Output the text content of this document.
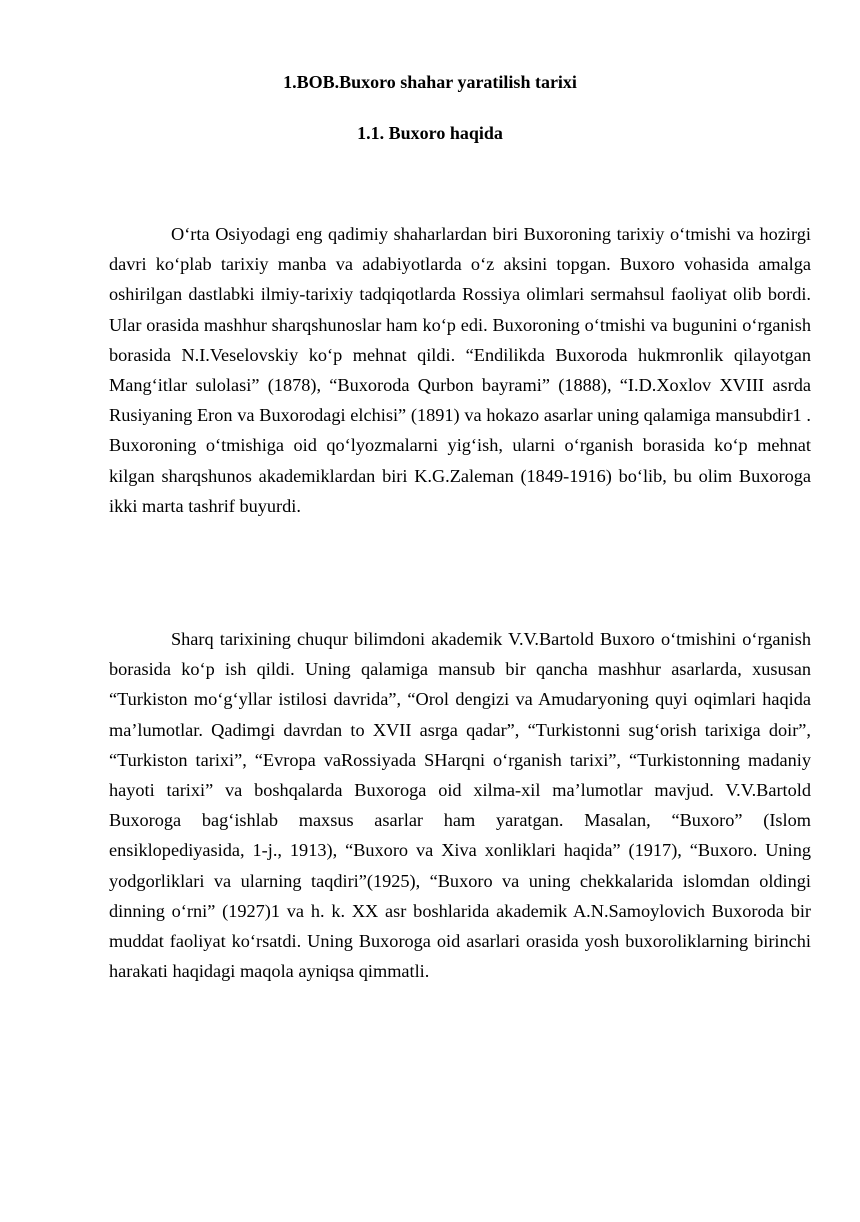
1.BOB.Buxoro shahar yaratilish tarixi
1.1. Buxoro haqida

O‘rta Osiyodagi eng qadimiy shaharlardan biri Buxoroning tarixiy o‘tmishi va hozirgi davri ko‘plab tarixiy manba va adabiyotlarda o‘z aksini topgan. Buxoro vohasida amalga oshirilgan dastlabki ilmiy-tarixiy tadqiqotlarda Rossiya olimlari sermahsul faoliyat olib bordi. Ular orasida mashhur sharqshunoslar ham ko‘p edi. Buxoroning o‘tmishi va bugunini o‘rganish borasida N.I.Veselovskiy ko‘p mehnat qildi. “Endilikda Buxoroda hukmronlik qilayotgan Mang‘itlar sulolasi” (1878), “Buxoroda Qurbon bayrami” (1888), “I.D.Xoxlov XVIII asrda Rusiyaning Eron va Buxorodagi elchisi” (1891) va hokazo asarlar uning qalamiga mansubdir1 . Buxoroning o‘tmishiga oid qo‘lyozmalarni yig‘ish, ularni o‘rganish borasida ko‘p mehnat kilgan sharqshunos akademiklardan biri K.G.Zaleman (1849-1916) bo‘lib, bu olim Buxoroga ikki marta tashrif buyurdi.

Sharq tarixining chuqur bilimdoni akademik V.V.Bartold Buxoro o‘tmishini o‘rganish borasida ko‘p ish qildi. Uning qalamiga mansub bir qancha mashhur asarlarda, xususan “Turkiston mo‘g‘yllar istilosi davrida”, “Orol dengizi va Amudaryoning quyi oqimlari haqida ma’lumotlar. Qadimgi davrdan to XVII asrga qadar”, “Turkistonni sug‘orish tarixiga doir”, “Turkiston tarixi”, “Evropa vaRossiyada SHarqni o‘rganish tarixi”, “Turkistonning madaniy hayoti tarixi” va boshqalarda Buxoroga oid xilma-xil ma’lumotlar mavjud. V.V.Bartold Buxoroga bag‘ishlab maxsus asarlar ham yaratgan. Masalan, “Buxoro” (Islom ensiklopediyasida, 1-j., 1913), “Buxoro va Xiva xonliklari haqida” (1917), “Buxoro. Uning yodgorliklari va ularning taqdiri”(1925), “Buxoro va uning chekkalarida islomdan oldingi dinning o‘rni” (1927)1 va h. k. XX asr boshlarida akademik A.N.Samoylovich Buxoroda bir muddat faoliyat ko‘rsatdi. Uning Buxoroga oid asarlari orasida yosh buxoroliklarning birinchi harakati haqidagi maqola ayniqsa qimmatli.
